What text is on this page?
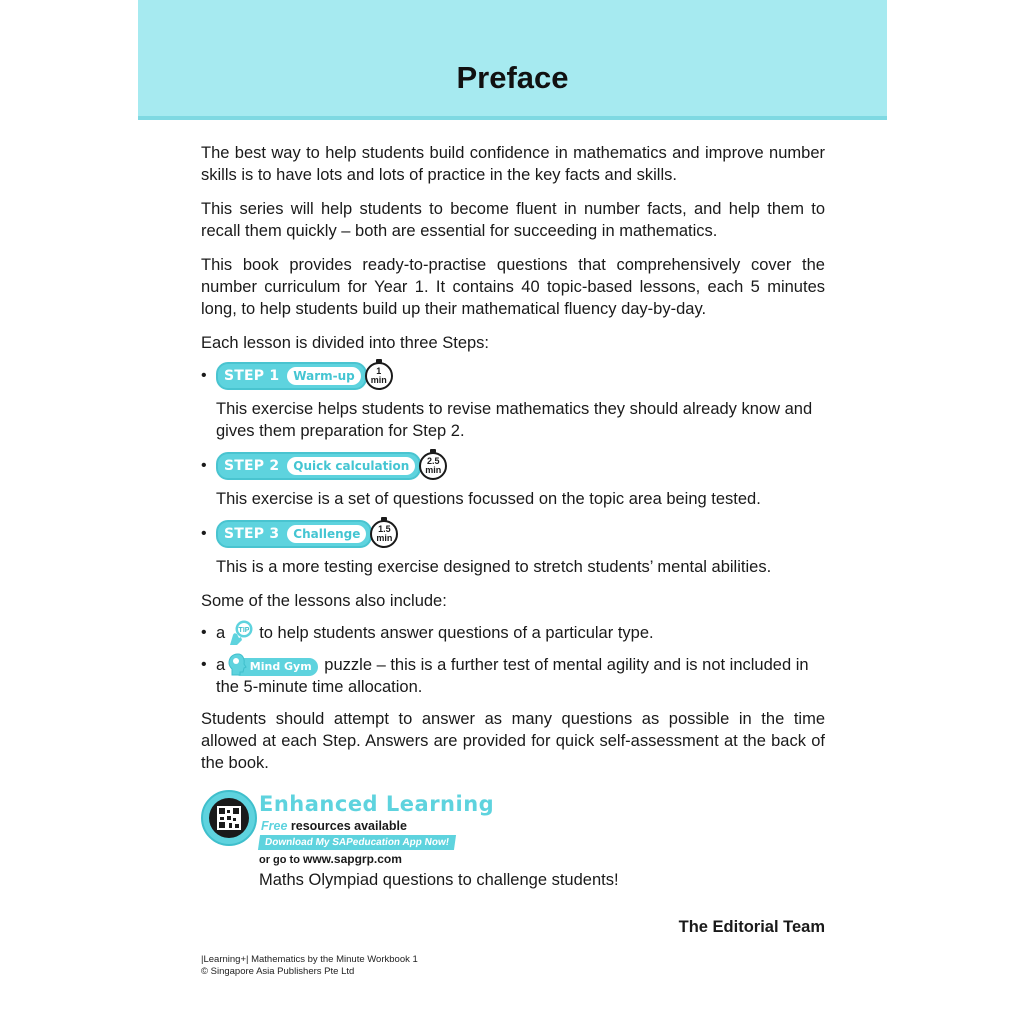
Preface

The best way to help students build confidence in mathematics and improve number skills is to have lots and lots of practice in the key facts and skills.

This series will help students to become fluent in number facts, and help them to recall them quickly – both are essential for succeeding in mathematics.

This book provides ready-to-practise questions that comprehensively cover the number curriculum for Year 1. It contains 40 topic-based lessons, each 5 minutes long, to help students build up their mathematical fluency day-by-day.

Each lesson is divided into three Steps:

•	STEP 1	Warm-up	1
min

This exercise helps students to revise mathematics they should already know and gives them preparation for Step 2.

•	STEP 2	Quick calculation	2.5
min

This exercise is a set of questions focussed on the topic area being tested.

•	STEP 3	Challenge	1.5
min

This is a more testing exercise designed to stretch students’ mental abilities.

Some of the lessons also include:

• a TIP to help students answer questions of a particular type.
• a Mind Gym puzzle – this is a further test of mental agility and is not included in the 5-minute time allocation.

Students should attempt to answer as many questions as possible in the time allowed at each Step. Answers are provided for quick self-assessment at the back of the book.

Enhanced Learning
Free resources available
Download My SAPeducation App Now!
or go to www.sapgrp.com
Maths Olympiad questions to challenge students!
The Editorial Team
|Learning+| Mathematics by the Minute Workbook 1
© Singapore Asia Publishers Pte Ltd
